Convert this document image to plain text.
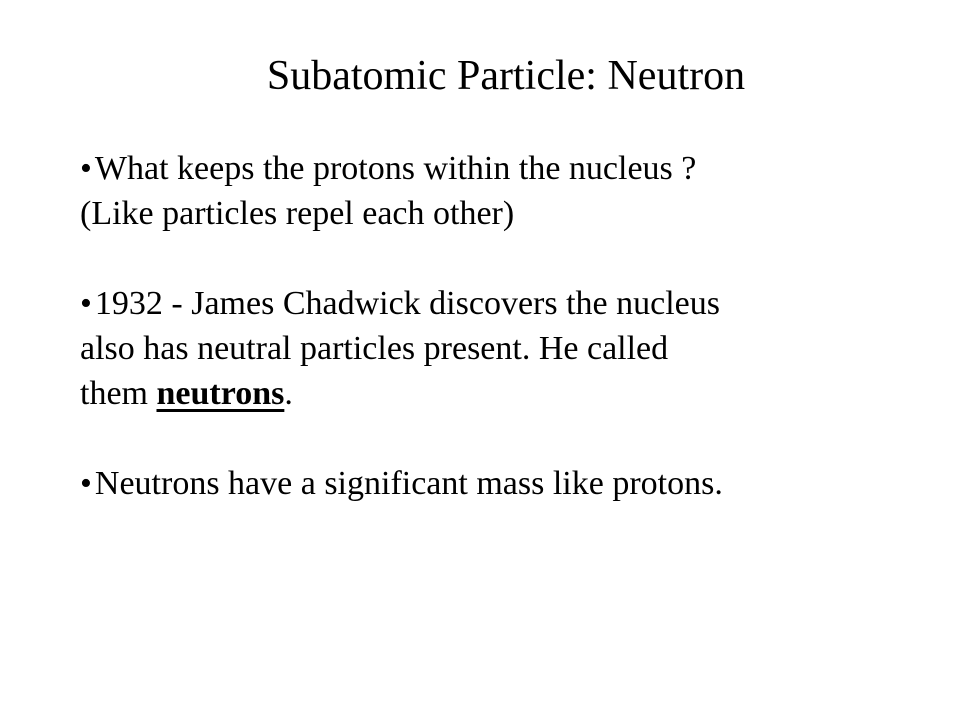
Subatomic Particle: Neutron
•What keeps the protons within the nucleus ?
(Like particles repel each other)
•1932 - James Chadwick discovers the nucleus
also has neutral particles present. He called
them neutrons.
•Neutrons have a significant mass like protons.
